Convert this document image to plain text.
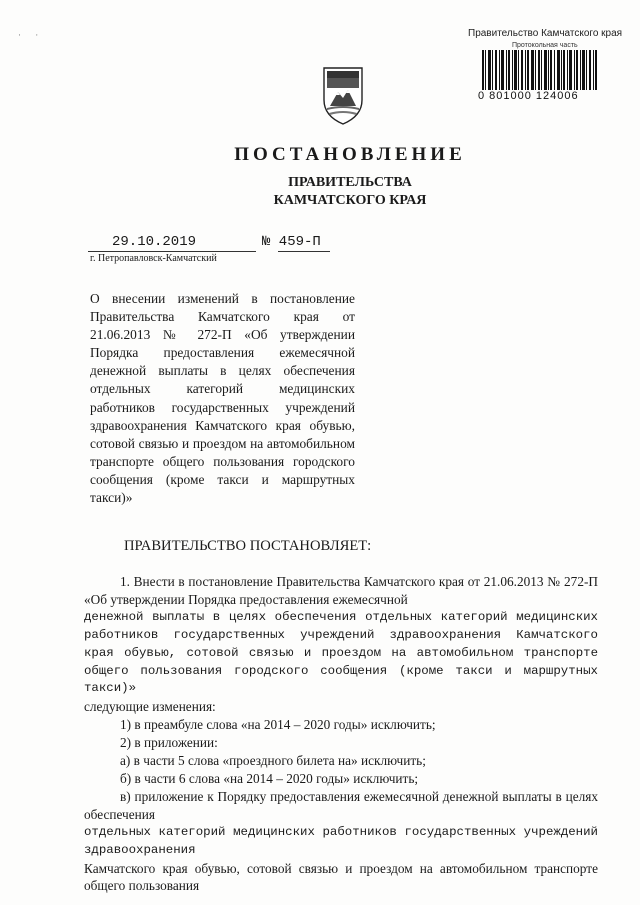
· ·	Правительство Камчатского края
Протокольная часть
0 801000 124006
ПОСТАНОВЛЕНИЕ
ПРАВИТЕЛЬСТВА
КАМЧАТСКОГО КРАЯ
29.10.2019	№ 459-П
г. Петропавловск-Камчатский
О внесении изменений в постановление Правительства Камчатского края от 21.06.2013 № 272-П «Об утверждении Порядка предоставления ежемесячной денежной выплаты в целях обеспечения отдельных категорий медицинских работников государственных учреждений здравоохранения Камчатского края обувью, сотовой связью и проездом на автомобильном транспорте общего пользования городского сообщения (кроме такси и маршрутных такси)»
ПРАВИТЕЛЬСТВО ПОСТАНОВЛЯЕТ:

1. Внести в постановление Правительства Камчатского края от 21.06.2013 № 272-П «Об утверждении Порядка предоставления ежемесячной

денежной выплаты в целях обеспечения отдельных категорий медицинских работников государственных учреждений здравоохранения Камчатского края обувью, сотовой связью и проездом на автомобильном транспорте общего пользования городского сообщения (кроме такси и маршрутных такси)»

следующие изменения:

1) в преамбуле слова «на 2014 – 2020 годы» исключить;

2) в приложении:

а) в части 5 слова «проездного билета на» исключить;

б) в части 6 слова «на 2014 – 2020 годы» исключить;

в) приложение к Порядку предоставления ежемесячной денежной выплаты в целях обеспечения

отдельных категорий медицинских работников государственных учреждений здравоохранения

Камчатского края обувью, сотовой связью и проездом на автомобильном транспорте общего пользования
